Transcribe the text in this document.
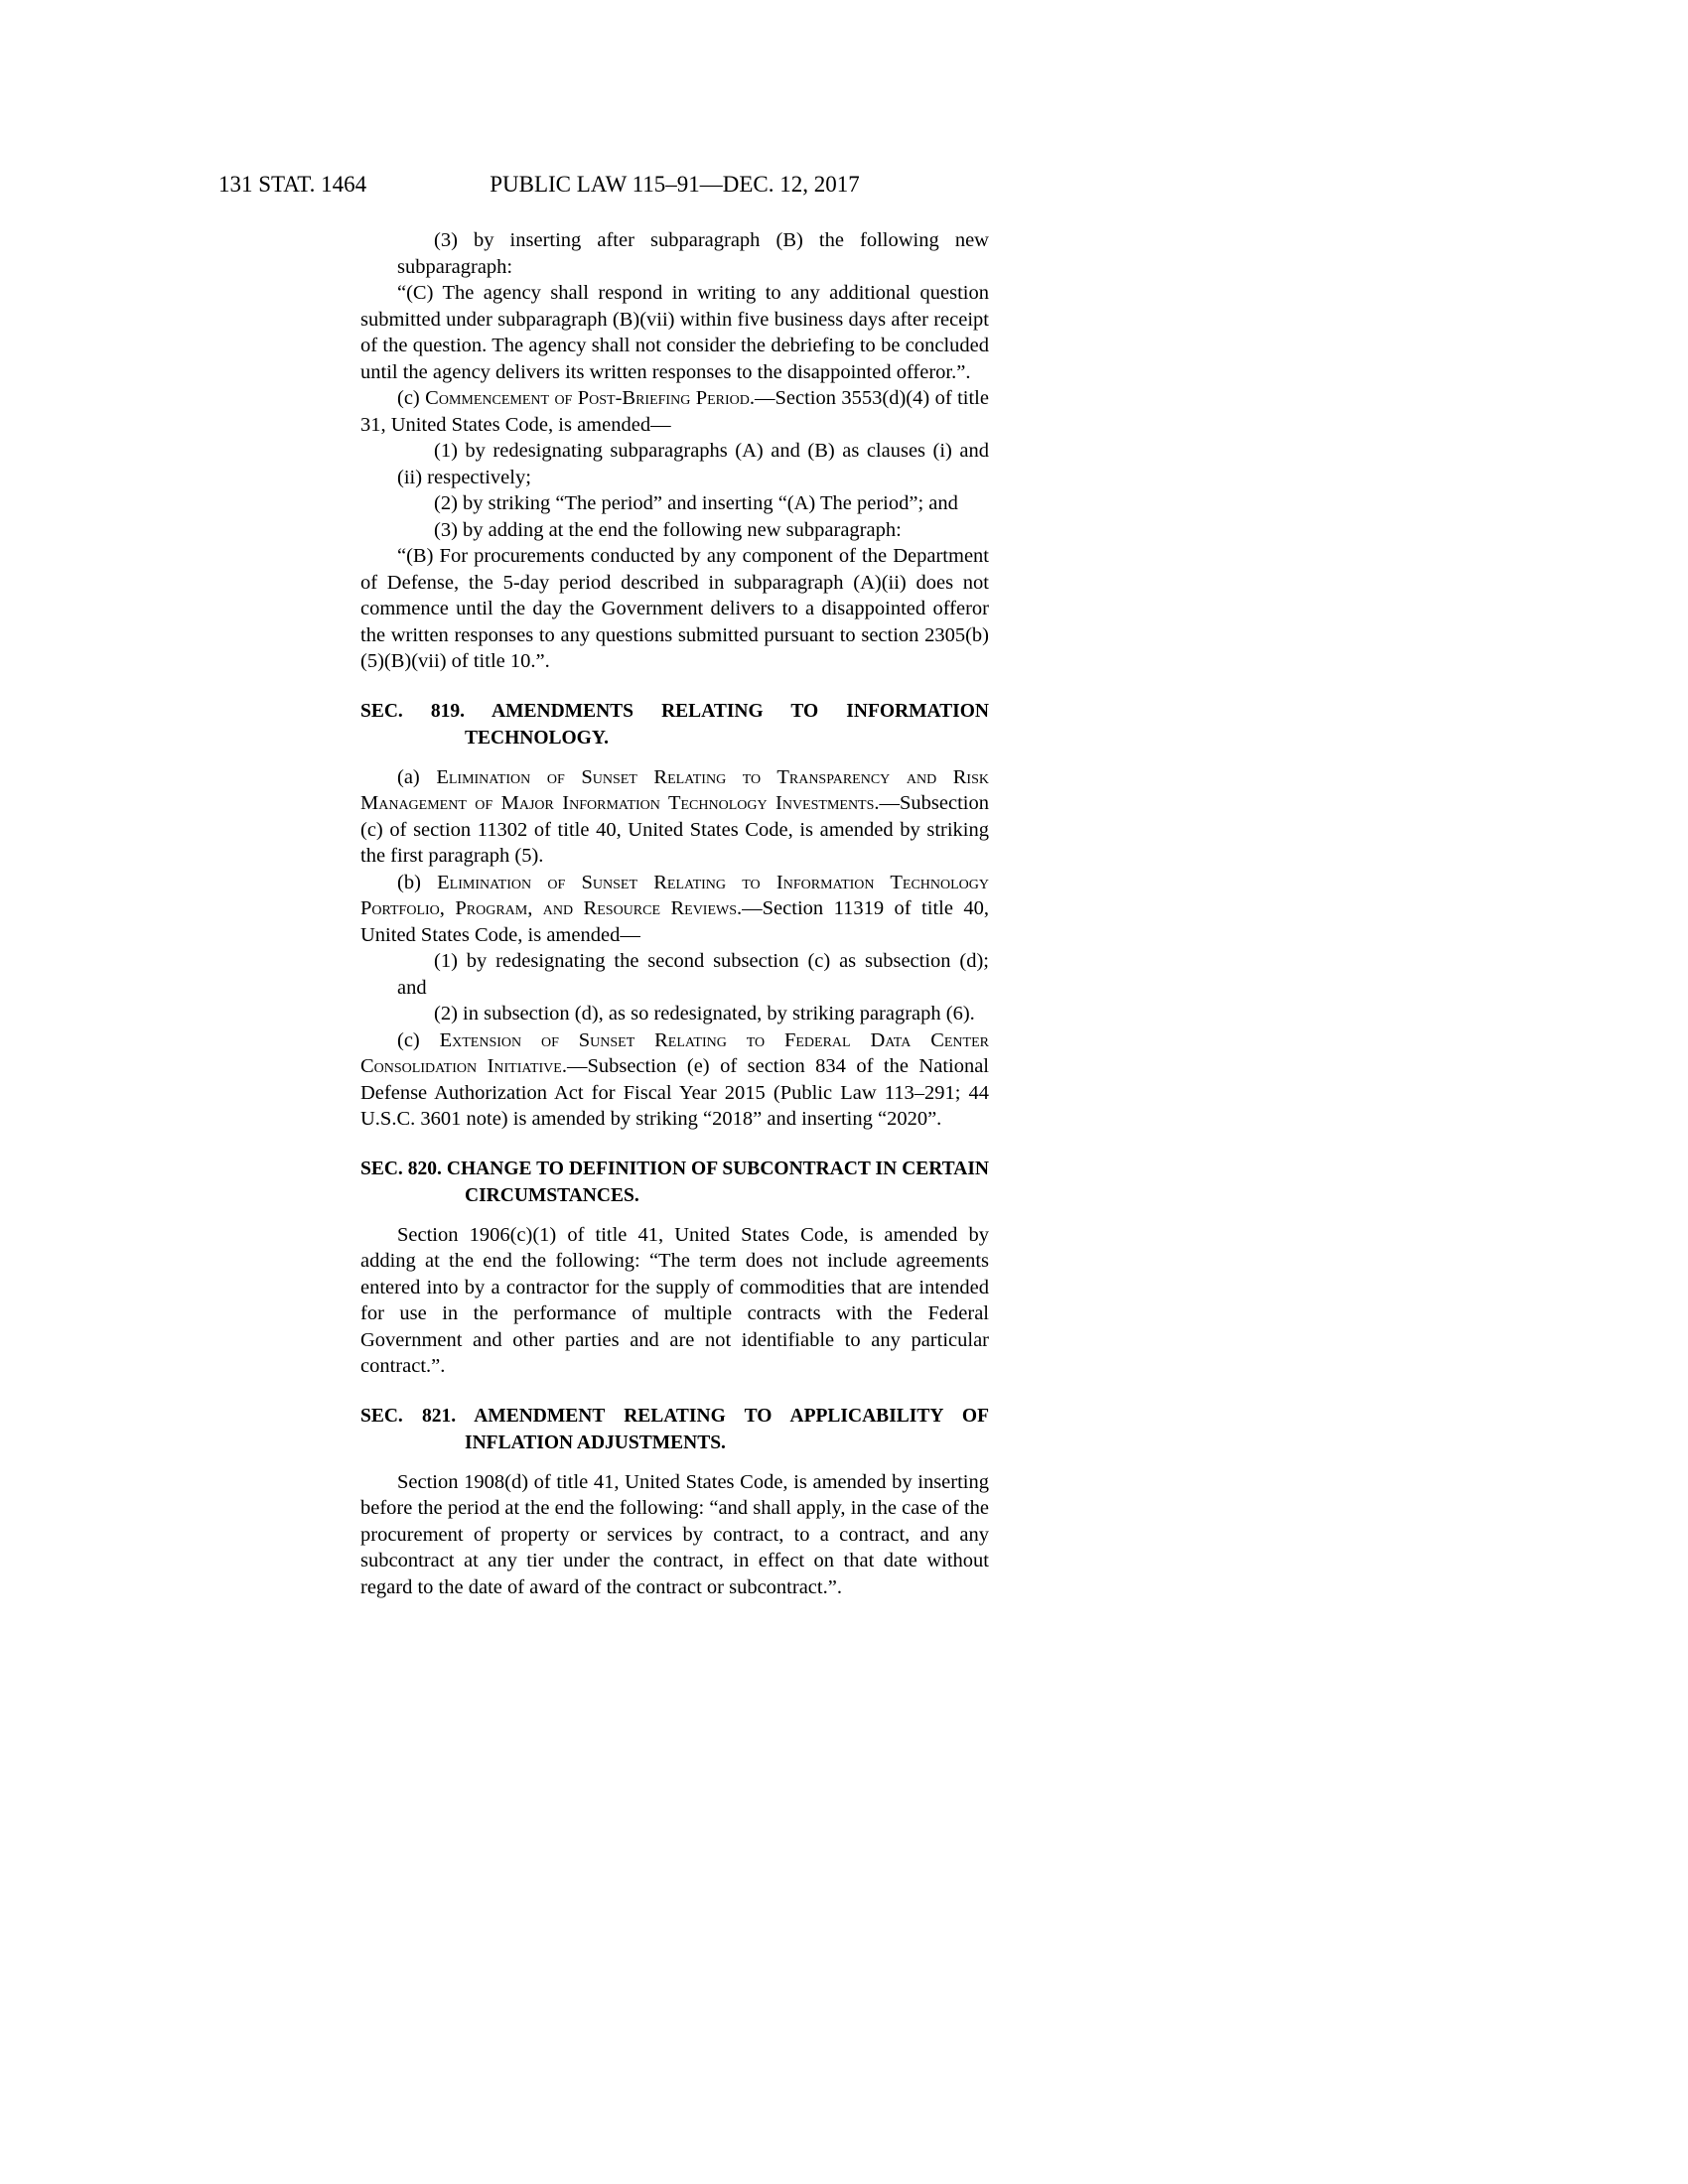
131 STAT. 1464	PUBLIC LAW 115–91—DEC. 12, 2017

(3) by inserting after subparagraph (B) the following new subparagraph:

“(C) The agency shall respond in writing to any additional question submitted under subparagraph (B)(vii) within five business days after receipt of the question. The agency shall not consider the debriefing to be concluded until the agency delivers its written responses to the disappointed offeror.”.

(c) Commencement of Post-Briefing Period.—Section 3553(d)(4) of title 31, United States Code, is amended—

(1) by redesignating subparagraphs (A) and (B) as clauses (i) and (ii) respectively;

(2) by striking “The period” and inserting “(A) The period”; and

(3) by adding at the end the following new subparagraph:

“(B) For procurements conducted by any component of the Department of Defense, the 5-day period described in subparagraph (A)(ii) does not commence until the day the Government delivers to a disappointed offeror the written responses to any questions submitted pursuant to section 2305(b)(5)(B)(vii) of title 10.”.

SEC. 819. AMENDMENTS RELATING TO INFORMATION TECHNOLOGY.

(a) Elimination of Sunset Relating to Transparency and Risk Management of Major Information Technology Investments.—Subsection (c) of section 11302 of title 40, United States Code, is amended by striking the first paragraph (5).

(b) Elimination of Sunset Relating to Information Technology Portfolio, Program, and Resource Reviews.—Section 11319 of title 40, United States Code, is amended—

(1) by redesignating the second subsection (c) as subsection (d); and

(2) in subsection (d), as so redesignated, by striking paragraph (6).

(c) Extension of Sunset Relating to Federal Data Center Consolidation Initiative.—Subsection (e) of section 834 of the National Defense Authorization Act for Fiscal Year 2015 (Public Law 113–291; 44 U.S.C. 3601 note) is amended by striking “2018” and inserting “2020”.

SEC. 820. CHANGE TO DEFINITION OF SUBCONTRACT IN CERTAIN CIRCUMSTANCES.

Section 1906(c)(1) of title 41, United States Code, is amended by adding at the end the following: “The term does not include agreements entered into by a contractor for the supply of commodities that are intended for use in the performance of multiple contracts with the Federal Government and other parties and are not identifiable to any particular contract.”.

SEC. 821. AMENDMENT RELATING TO APPLICABILITY OF INFLATION ADJUSTMENTS.

Section 1908(d) of title 41, United States Code, is amended by inserting before the period at the end the following: “and shall apply, in the case of the procurement of property or services by contract, to a contract, and any subcontract at any tier under the contract, in effect on that date without regard to the date of award of the contract or subcontract.”.
